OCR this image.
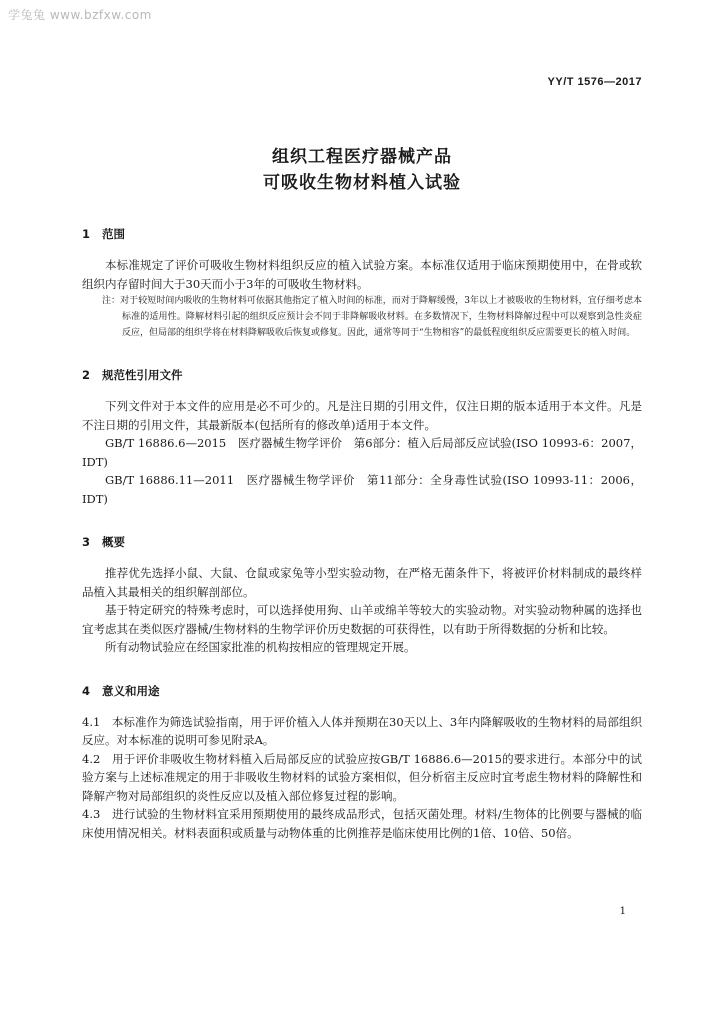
学兔兔 www.bzfxw.com
YY/T 1576—2017
组织工程医疗器械产品
可吸收生物材料植入试验
1 范围

本标准规定了评价可吸收生物材料组织反应的植入试验方案。本标准仅适用于临床预期使用中，在骨或软组织内存留时间大于30天而小于3年的可吸收生物材料。

注：对于较短时间内吸收的生物材料可依据其他指定了植入时间的标准，而对于降解缓慢，3年以上才被吸收的生物材料，宜仔细考虑本标准的适用性。降解材料引起的组织反应预计会不同于非降解吸收材料。在多数情况下，生物材料降解过程中可以观察到急性炎症反应，但局部的组织学将在材料降解吸收后恢复或修复。因此，通常等同于“生物相容”的最低程度组织反应需要更长的植入时间。

2 规范性引用文件

下列文件对于本文件的应用是必不可少的。凡是注日期的引用文件，仅注日期的版本适用于本文件。凡是不注日期的引用文件，其最新版本(包括所有的修改单)适用于本文件。

GB/T 16886.6—2015　医疗器械生物学评价　第6部分：植入后局部反应试验(ISO 10993-6：2007，IDT)

GB/T 16886.11—2011　医疗器械生物学评价　第11部分：全身毒性试验(ISO 10993-11：2006，IDT)

3 概要

推荐优先选择小鼠、大鼠、仓鼠或家兔等小型实验动物，在严格无菌条件下，将被评价材料制成的最终样品植入其最相关的组织解剖部位。

基于特定研究的特殊考虑时，可以选择使用狗、山羊或绵羊等较大的实验动物。对实验动物种属的选择也宜考虑其在类似医疗器械/生物材料的生物学评价历史数据的可获得性，以有助于所得数据的分析和比较。

所有动物试验应在经国家批准的机构按相应的管理规定开展。

4 意义和用途

4.1　本标准作为筛选试验指南，用于评价植入人体并预期在30天以上、3年内降解吸收的生物材料的局部组织反应。对本标准的说明可参见附录A。

4.2　用于评价非吸收生物材料植入后局部反应的试验应按GB/T 16886.6—2015的要求进行。本部分中的试验方案与上述标准规定的用于非吸收生物材料的试验方案相似，但分析宿主反应时宜考虑生物材料的降解性和降解产物对局部组织的炎性反应以及植入部位修复过程的影响。

4.3　进行试验的生物材料宜采用预期使用的最终成品形式，包括灭菌处理。材料/生物体的比例要与器械的临床使用情况相关。材料表面积或质量与动物体重的比例推荐是临床使用比例的1倍、10倍、50倍。

1
